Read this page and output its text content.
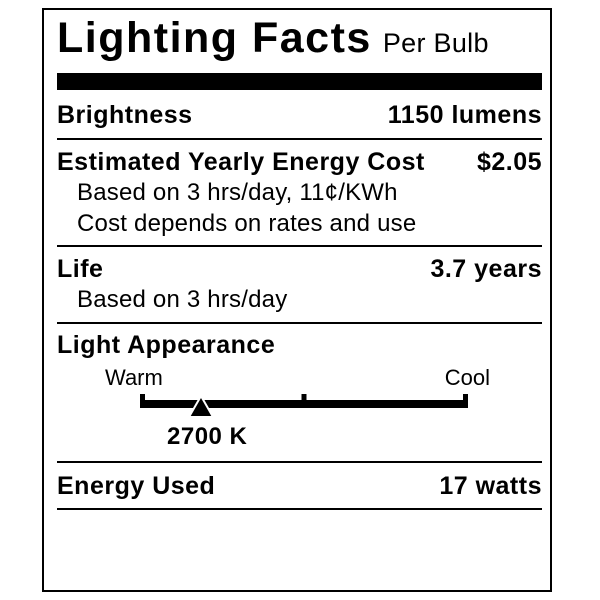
Lighting Facts Per Bulb
Brightness	1150 lumens
Estimated Yearly Energy Cost $2.05
Based on 3 hrs/day, 11¢/KWh
Cost depends on rates and use
Life	3.7 years
Based on 3 hrs/day
Light Appearance
Warm	Cool
2700 K
Energy Used	17 watts
